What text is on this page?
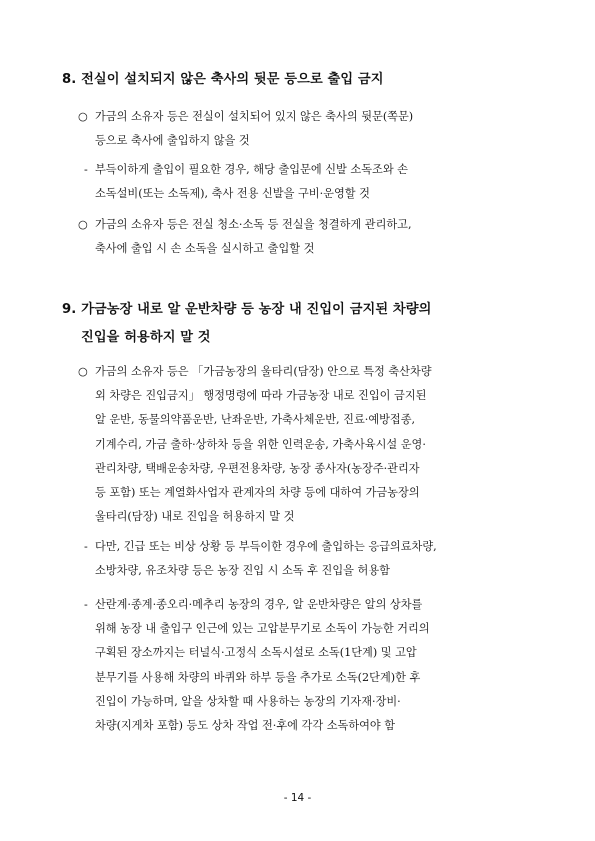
8. 전실이 설치되지 않은 축사의 뒷문 등으로 출입 금지
○ 가금의 소유자 등은 전실이 설치되어 있지 않은 축사의 뒷문(쪽문)
등으로 축사에 출입하지 않을 것
- 부득이하게 출입이 필요한 경우, 해당 출입문에 신발 소독조와 손
소독설비(또는 소독제), 축사 전용 신발을 구비·운영할 것
○ 가금의 소유자 등은 전실 청소·소독 등 전실을 청결하게 관리하고,
축사에 출입 시 손 소독을 실시하고 출입할 것
9. 가금농장 내로 알 운반차량 등 농장 내 진입이 금지된 차량의
진입을 허용하지 말 것
○ 가금의 소유자 등은 「가금농장의 울타리(담장) 안으로 특정 축산차량
외 차량은 진입금지」 행정명령에 따라 가금농장 내로 진입이 금지된
알 운반, 동물의약품운반, 난좌운반, 가축사체운반, 진료·예방접종,
기계수리, 가금 출하·상하차 등을 위한 인력운송, 가축사육시설 운영·
관리차량, 택배운송차량, 우편전용차량, 농장 종사자(농장주·관리자
등 포함) 또는 계열화사업자 관계자의 차량 등에 대하여 가금농장의
울타리(담장) 내로 진입을 허용하지 말 것
- 다만, 긴급 또는 비상 상황 등 부득이한 경우에 출입하는 응급의료차량,
소방차량, 유조차량 등은 농장 진입 시 소독 후 진입을 허용함
- 산란계·종계·종오리·메추리 농장의 경우, 알 운반차량은 알의 상차를
위해 농장 내 출입구 인근에 있는 고압분무기로 소독이 가능한 거리의
구획된 장소까지는 터널식·고정식 소독시설로 소독(1단계) 및 고압
분무기를 사용해 차량의 바퀴와 하부 등을 추가로 소독(2단계)한 후
진입이 가능하며, 알을 상차할 때 사용하는 농장의 기자재·장비·
차량(지게차 포함) 등도 상차 작업 전·후에 각각 소독하여야 함
- 14 -
